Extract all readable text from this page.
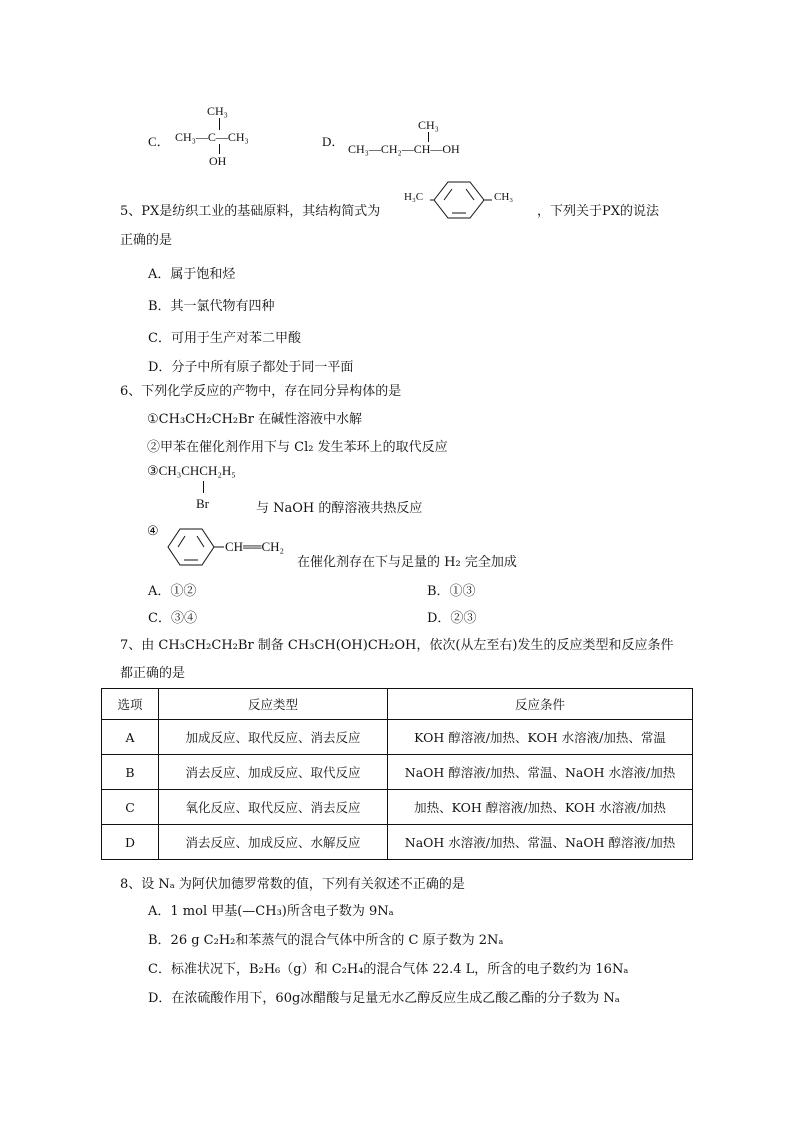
C．
CH₃
CH₃—C—CH₃
OH
D．
CH₃
CH₃—CH₂—CH—OH
5、PX是纺织工业的基础原料，其结构简式为
H₃C	CH₃
，下列关于PX的说法
正确的是
A．属于饱和烃
B．其一氯代物有四种
C．可用于生产对苯二甲酸
D．分子中所有原子都处于同一平面
6、下列化学反应的产物中，存在同分异构体的是
①CH₃CH₂CH₂Br 在碱性溶液中水解
②甲苯在催化剂作用下与 Cl₂ 发生苯环上的取代反应
③CH₃CHCH₂H₅
Br	与 NaOH 的醇溶液共热反应
④
CH══CH₂
在催化剂存在下与足量的 H₂ 完全加成
A．①②	B．①③
C．③④	D．②③
7、由 CH₃CH₂CH₂Br 制备 CH₃CH(OH)CH₂OH，依次(从左至右)发生的反应类型和反应条件
都正确的是
选项	反应类型	反应条件
A	加成反应、取代反应、消去反应	KOH 醇溶液/加热、KOH 水溶液/加热、常温
B	消去反应、加成反应、取代反应	NaOH 醇溶液/加热、常温、NaOH 水溶液/加热
C	氧化反应、取代反应、消去反应	加热、KOH 醇溶液/加热、KOH 水溶液/加热
D	消去反应、加成反应、水解反应	NaOH 水溶液/加热、常温、NaOH 醇溶液/加热
8、设 Nₐ 为阿伏加德罗常数的值，下列有关叙述不正确的是
A．1 mol 甲基(—CH₃)所含电子数为 9Nₐ
B．26 g C₂H₂和苯蒸气的混合气体中所含的 C 原子数为 2Nₐ
C．标准状况下，B₂H₆（g）和 C₂H₄的混合气体 22.4 L，所含的电子数约为 16Nₐ
D．在浓硫酸作用下，60g冰醋酸与足量无水乙醇反应生成乙酸乙酯的分子数为 Nₐ
